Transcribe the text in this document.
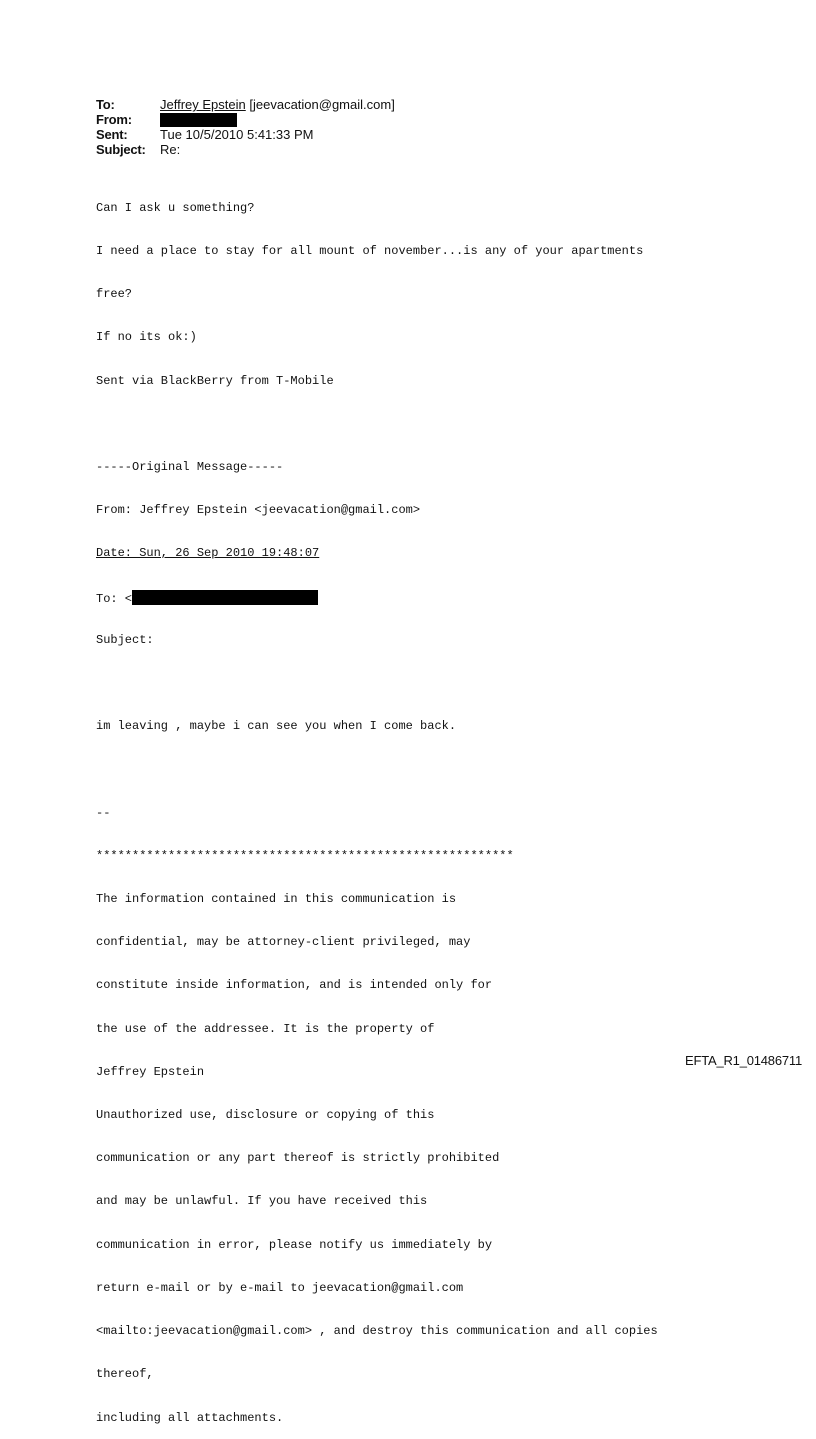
To:	Jeffrey Epstein [jeevacation@gmail.com]
From:
Sent:	Tue 10/5/2010 5:41:33 PM
Subject:	Re:

Can I ask u something?

I need a place to stay for all mount of november...is any of your apartments

free?

If no its ok:)

Sent via BlackBerry from T-Mobile

-----Original Message-----

From: Jeffrey Epstein <jeevacation@gmail.com>

Date: Sun, 26 Sep 2010 19:48:07

To: <

Subject:

im leaving , maybe i can see you when I come back.

--

**********************************************************

The information contained in this communication is

confidential, may be attorney-client privileged, may

constitute inside information, and is intended only for

the use of the addressee. It is the property of

Jeffrey Epstein

Unauthorized use, disclosure or copying of this

communication or any part thereof is strictly prohibited

and may be unlawful. If you have received this

communication in error, please notify us immediately by

return e-mail or by e-mail to jeevacation@gmail.com

<mailto:jeevacation@gmail.com> , and destroy this communication and all copies

thereof,

including all attachments.

EFTA_R1_01486711
